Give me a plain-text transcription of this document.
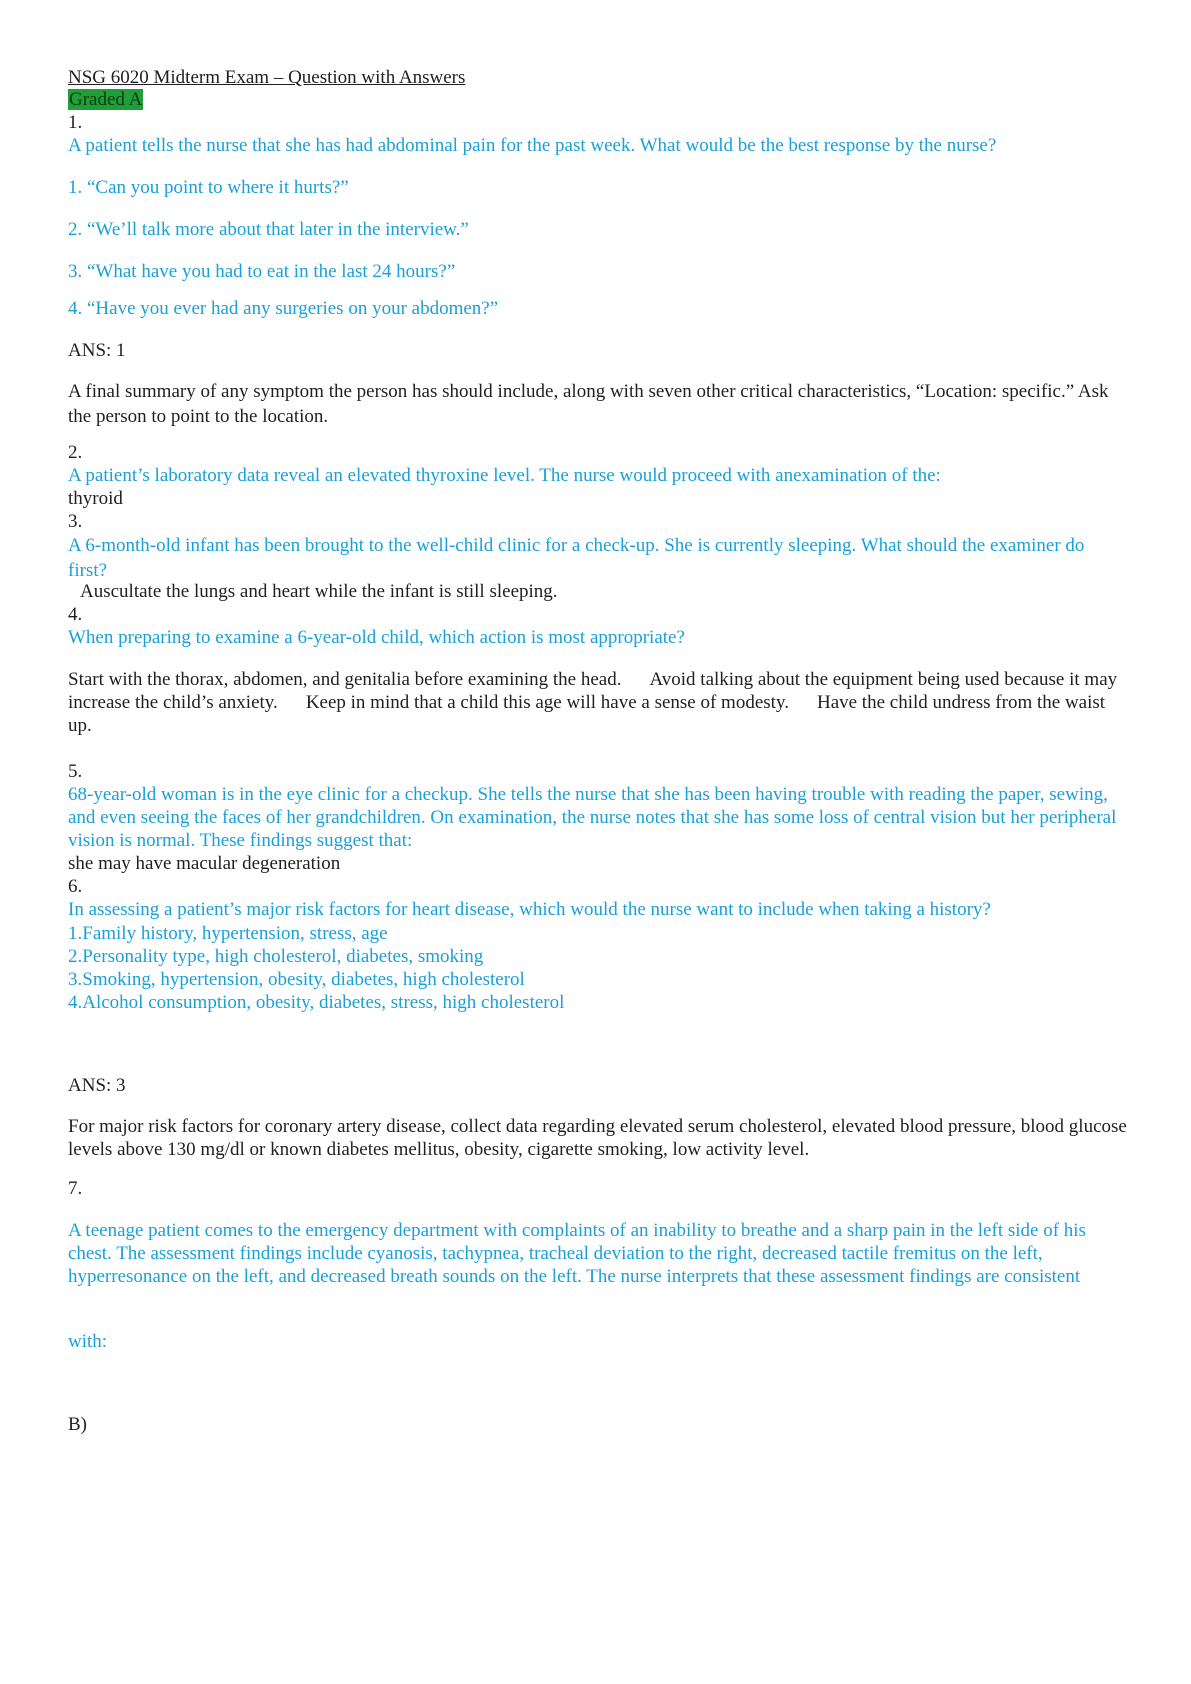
NSG 6020 Midterm Exam – Question with Answers
Graded A
1.
A patient tells the nurse that she has had abdominal pain for the past week. What would be the best response by the nurse?
1. “Can you point to where it hurts?”
2. “We’ll talk more about that later in the interview.”
3. “What have you had to eat in the last 24 hours?”
4. “Have you ever had any surgeries on your abdomen?”
ANS: 1
A final summary of any symptom the person has should include, along with seven other critical characteristics, “Location: specific.” Ask the person to point to the location.
2.
A patient’s laboratory data reveal an elevated thyroxine level. The nurse would proceed with anexamination of the:
thyroid
3.
A 6-month-old infant has been brought to the well-child clinic for a check-up. She is currently sleeping. What should the examiner do first?
Auscultate the lungs and heart while the infant is still sleeping.
4.
When preparing to examine a 6-year-old child, which action is most appropriate?
Start with the thorax, abdomen, and genitalia before examining the head. Avoid talking about the equipment being used because it may increase the child’s anxiety. Keep in mind that a child this age will have a sense of modesty. Have the child undress from the waist up.
5.
68-year-old woman is in the eye clinic for a checkup. She tells the nurse that she has been having trouble with reading the paper, sewing, and even seeing the faces of her grandchildren. On examination, the nurse notes that she has some loss of central vision but her peripheral vision is normal. These findings suggest that:
she may have macular degeneration
6.
In assessing a patient’s major risk factors for heart disease, which would the nurse want to include when taking a history?
1.Family history, hypertension, stress, age
2.Personality type, high cholesterol, diabetes, smoking
3.Smoking, hypertension, obesity, diabetes, high cholesterol
4.Alcohol consumption, obesity, diabetes, stress, high cholesterol
ANS: 3
For major risk factors for coronary artery disease, collect data regarding elevated serum cholesterol, elevated blood pressure, blood glucose levels above 130 mg/dl or known diabetes mellitus, obesity, cigarette smoking, low activity level.
7.
A teenage patient comes to the emergency department with complaints of an inability to breathe and a sharp pain in the left side of his chest. The assessment findings include cyanosis, tachypnea, tracheal deviation to the right, decreased tactile fremitus on the left, hyperresonance on the left, and decreased breath sounds on the left. The nurse interprets that these assessment findings are consistent
with:
B)
